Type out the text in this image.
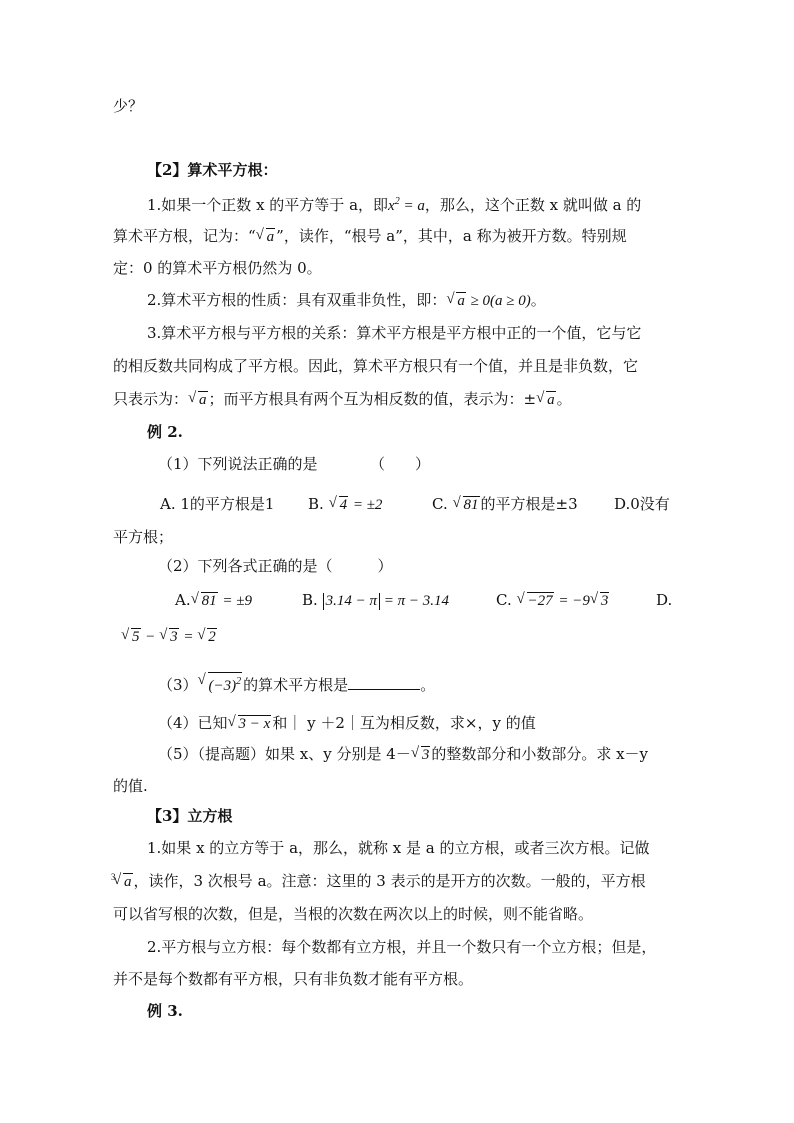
少？
【2】算术平方根：
1.如果一个正数 x 的平方等于 a，即$x^2 = a$，那么，这个正数 x 就叫做 a 的
算术平方根，记为：“ √ a ”，读作，“根号 a”，其中，a 称为被开方数。特别规
定：0 的算术平方根仍然为 0。
2.算术平方根的性质：具有双重非负性，即： √ a ≥ 0(a ≥ 0)。
3.算术平方根与平方根的关系：算术平方根是平方根中正的一个值，它与它
的相反数共同构成了平方根。因此，算术平方根只有一个值，并且是非负数，它
只表示为： √ a ；而平方根具有两个互为相反数的值，表示为：± √ a 。
例 2.
（1）下列说法正确的是　　　　（　　）
A. 1的平方根是1 B. √ 4 = ±2	C. √ 81 的平方根是±3 D.0没有
平方根；
（2）下列各式正确的是（　　　）
A. √ 81 = ±9	B. 3.14 − π = π − 3.14	C. √ −27 = −9 √ 3	D.
√ 5 − √ 3 = √ 2
（3） √ $(-3)^2$ 的算术平方根是	。
（4）已知 √ 3 − x 和｜ y ＋2｜互为相反数，求×，y 的值
（5）（提高题）如果 x、y 分别是 4－ √ 3 的整数部分和小数部分。求 x－y
的值.
【3】立方根
1.如果 x 的立方等于 a，那么，就称 x 是 a 的立方根，或者三次方根。记做
√ 3 a ，读作，3 次根号 a。注意：这里的 3 表示的是开方的次数。一般的，平方根
可以省写根的次数，但是，当根的次数在两次以上的时候，则不能省略。
2.平方根与立方根：每个数都有立方根，并且一个数只有一个立方根；但是，
并不是每个数都有平方根，只有非负数才能有平方根。
例 3.
